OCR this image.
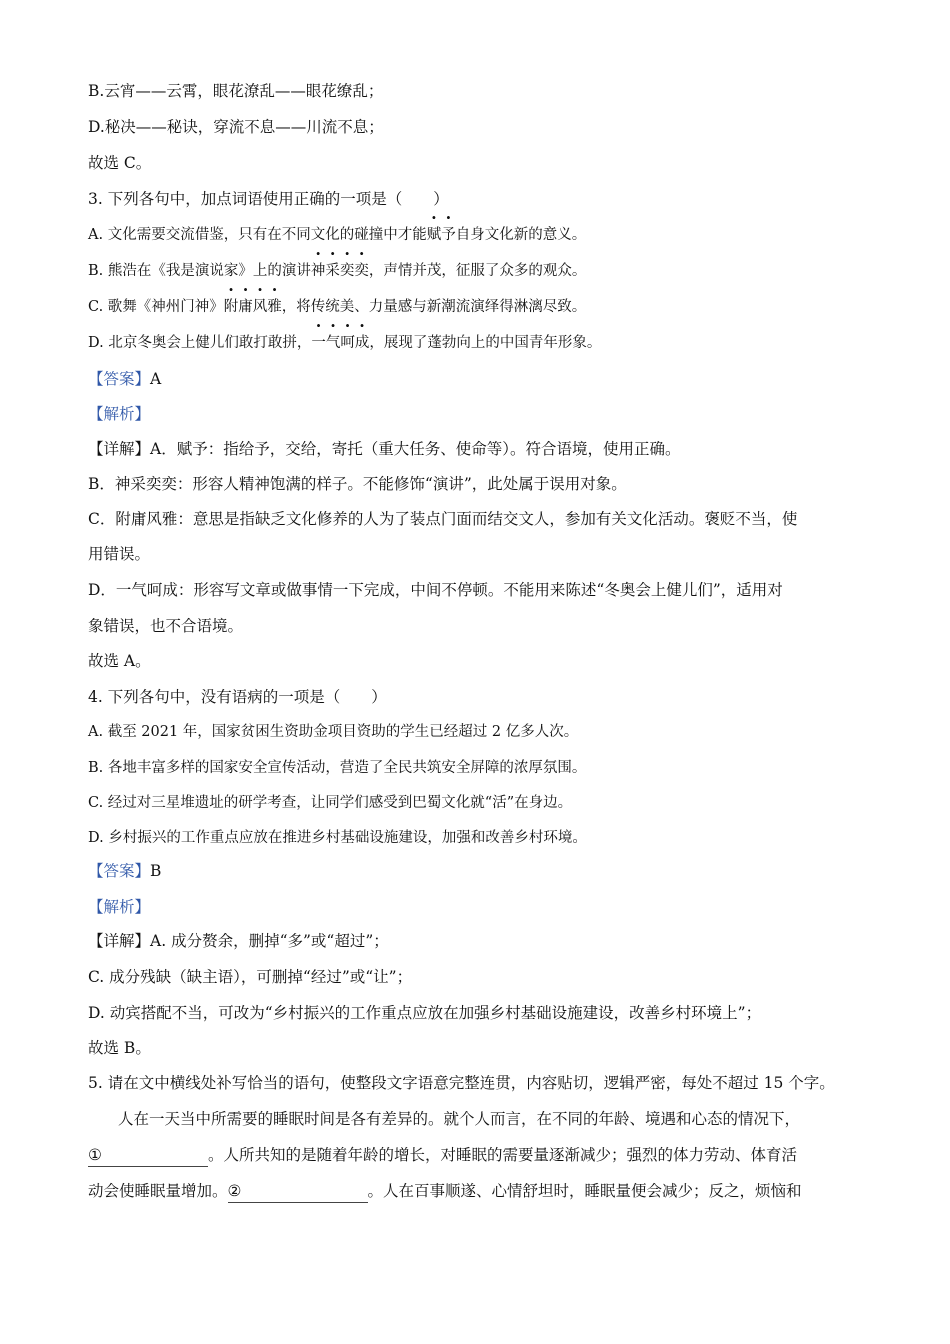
B.云宵——云霄，眼花潦乱——眼花缭乱；
D.秘决——秘诀，穿流不息——川流不息；
故选 C。
3. 下列各句中，加点词语使用正确的一项是（　　）
A. 文化需要交流借鉴，只有在不同文化的碰撞中才能赋予自身文化新的意义。
B. 熊浩在《我是演说家》上的演讲神采奕奕，声情并茂，征服了众多的观众。
C. 歌舞《神州门神》附庸风雅，将传统美、力量感与新潮流演绎得淋漓尽致。
D. 北京冬奥会上健儿们敢打敢拼，一气呵成，展现了蓬勃向上的中国青年形象。
【答案】A
【解析】
【详解】A．赋予：指给予，交给，寄托（重大任务、使命等）。符合语境，使用正确。
B．神采奕奕：形容人精神饱满的样子。不能修饰“演讲”，此处属于误用对象。
C．附庸风雅：意思是指缺乏文化修养的人为了装点门面而结交文人，参加有关文化活动。褒贬不当，使
用错误。
D．一气呵成：形容写文章或做事情一下完成，中间不停顿。不能用来陈述“冬奥会上健儿们”，适用对
象错误，也不合语境。
故选 A。
4. 下列各句中，没有语病的一项是（　　）
A. 截至 2021 年，国家贫困生资助金项目资助的学生已经超过 2 亿多人次。
B. 各地丰富多样的国家安全宣传活动，营造了全民共筑安全屏障的浓厚氛围。
C. 经过对三星堆遗址的研学考查，让同学们感受到巴蜀文化就“活”在身边。
D. 乡村振兴的工作重点应放在推进乡村基础设施建设，加强和改善乡村环境。
【答案】B
【解析】
【详解】A. 成分赘余，删掉“多”或“超过”；
C. 成分残缺（缺主语），可删掉“经过”或“让”；
D. 动宾搭配不当，可改为“乡村振兴的工作重点应放在加强乡村基础设施建设，改善乡村环境上”；
故选 B。
5. 请在文中横线处补写恰当的语句，使整段文字语意完整连贯，内容贴切，逻辑严密，每处不超过 15 个字。
人在一天当中所需要的睡眠时间是各有差异的。就个人而言，在不同的年龄、境遇和心态的情况下，
①	。人所共知的是随着年龄的增长，对睡眠的需要量逐渐减少；强烈的体力劳动、体育活
动会使睡眠量增加。②	。人在百事顺遂、心情舒坦时，睡眠量便会减少；反之，烦恼和
